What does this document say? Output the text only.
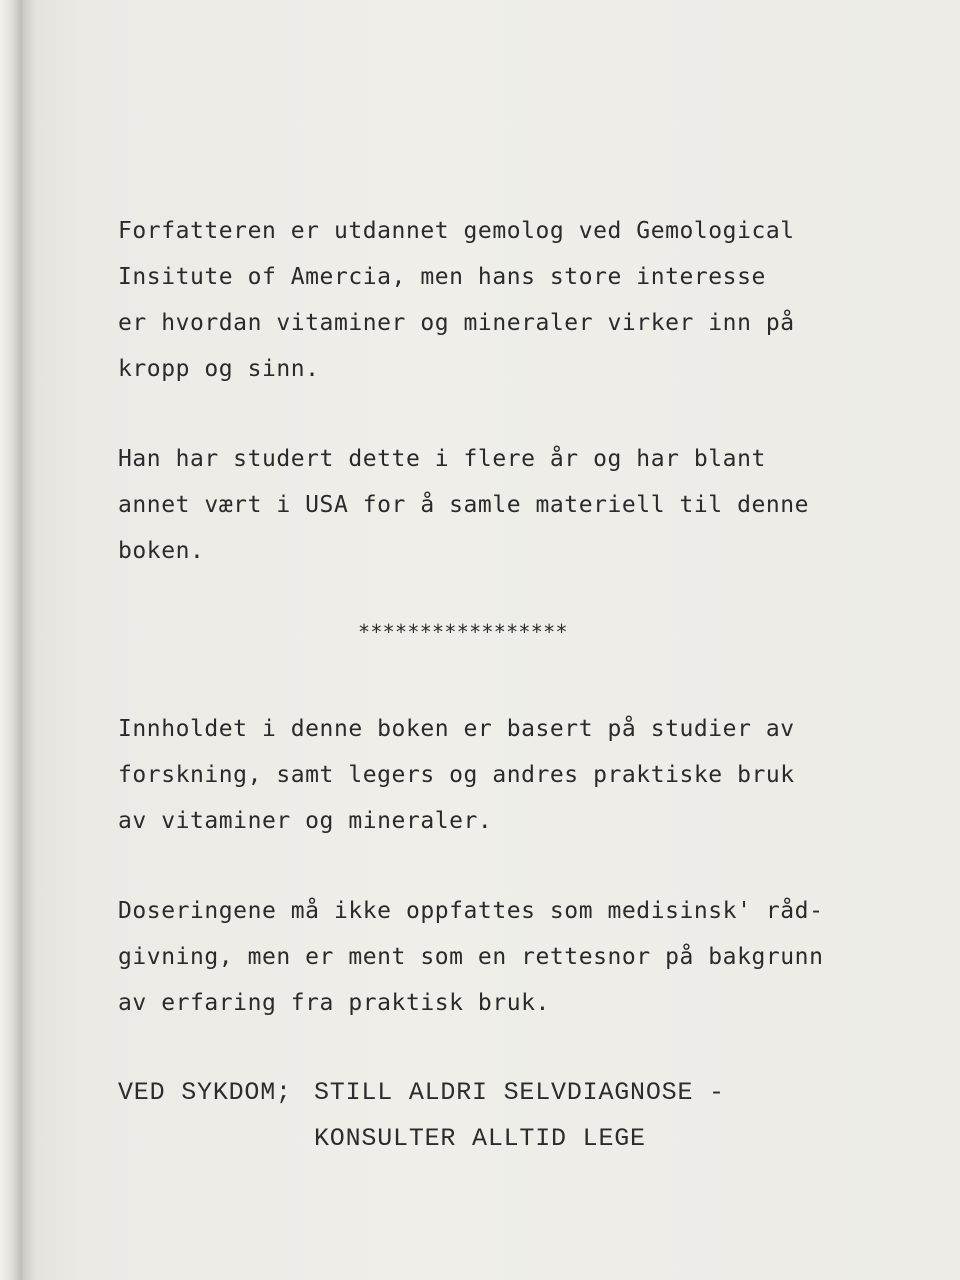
Forfatteren er utdannet gemolog ved Gemological
Insitute of Amercia, men hans store interesse
er hvordan vitaminer og mineraler virker inn på
kropp og sinn.
Han har studert dette i flere år og har blant
annet vært i USA for å samle materiell til denne
boken.
*****************
Innholdet i denne boken er basert på studier av
forskning, samt legers og andres praktiske bruk
av vitaminer og mineraler.
Doseringene må ikke oppfattes som medisinsk' råd-
givning, men er ment som en rettesnor på bakgrunn
av erfaring fra praktisk bruk.
VED SYKDOM; STILL ALDRI SELVDIAGNOSE -
KONSULTER ALLTID LEGE
